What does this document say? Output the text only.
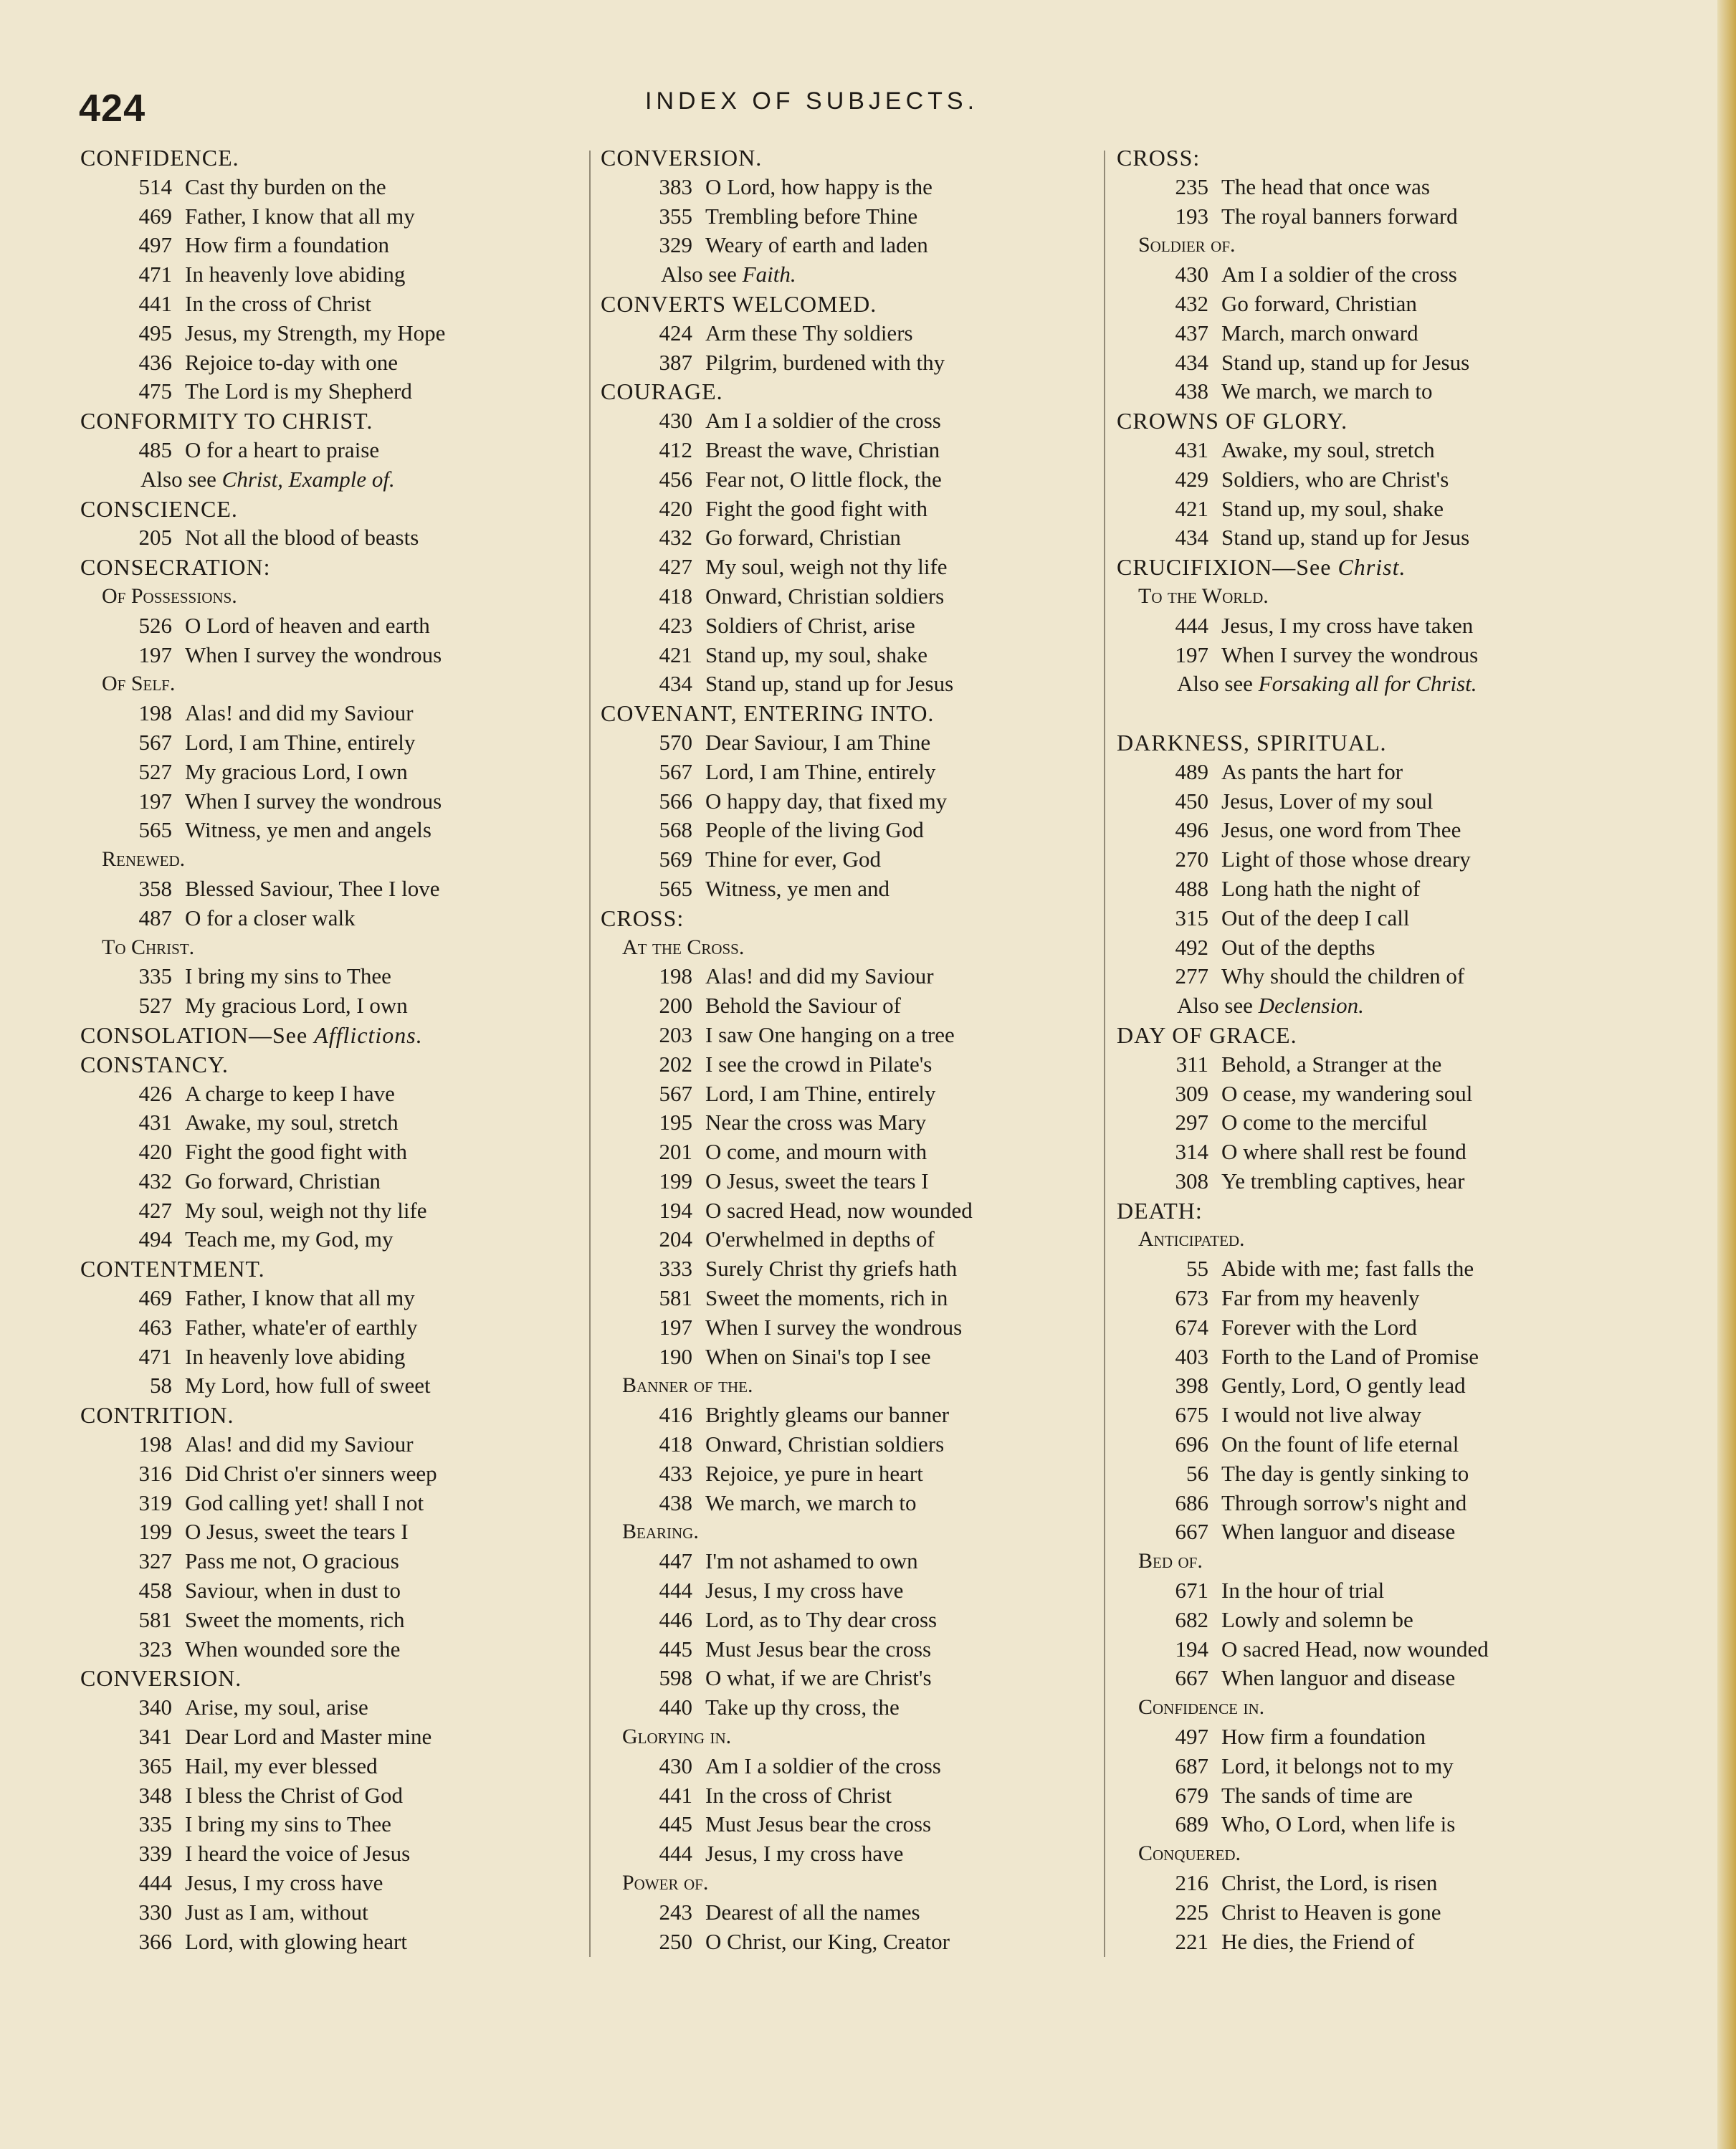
424	INDEX OF SUBJECTS.
CONFIDENCE.
514 Cast thy burden on the
469 Father, I know that all my
497 How firm a foundation
471 In heavenly love abiding
441 In the cross of Christ
495 Jesus, my Strength, my Hope
436 Rejoice to-day with one
475 The Lord is my Shepherd
CONFORMITY TO CHRIST.
485 O for a heart to praise
Also see Christ, Example of.
CONSCIENCE.
205 Not all the blood of beasts
CONSECRATION:
Of Possessions.
526 O Lord of heaven and earth
197 When I survey the wondrous
Of Self.
198 Alas! and did my Saviour
567 Lord, I am Thine, entirely
527 My gracious Lord, I own
197 When I survey the wondrous
565 Witness, ye men and angels
Renewed.
358 Blessed Saviour, Thee I love
487 O for a closer walk
To Christ.
335 I bring my sins to Thee
527 My gracious Lord, I own
CONSOLATION—See Afflictions.
CONSTANCY.
426 A charge to keep I have
431 Awake, my soul, stretch
420 Fight the good fight with
432 Go forward, Christian
427 My soul, weigh not thy life
494 Teach me, my God, my
CONTENTMENT.
469 Father, I know that all my
463 Father, whate'er of earthly
471 In heavenly love abiding
58 My Lord, how full of sweet
CONTRITION.
198 Alas! and did my Saviour
316 Did Christ o'er sinners weep
319 God calling yet! shall I not
199 O Jesus, sweet the tears I
327 Pass me not, O gracious
458 Saviour, when in dust to
581 Sweet the moments, rich
323 When wounded sore the
CONVERSION.
340 Arise, my soul, arise
341 Dear Lord and Master mine
365 Hail, my ever blessed
348 I bless the Christ of God
335 I bring my sins to Thee
339 I heard the voice of Jesus
444 Jesus, I my cross have
330 Just as I am, without
366 Lord, with glowing heart
CONVERSION.
383 O Lord, how happy is the
355 Trembling before Thine
329 Weary of earth and laden
Also see Faith.
CONVERTS WELCOMED.
424 Arm these Thy soldiers
387 Pilgrim, burdened with thy
COURAGE.
430 Am I a soldier of the cross
412 Breast the wave, Christian
456 Fear not, O little flock, the
420 Fight the good fight with
432 Go forward, Christian
427 My soul, weigh not thy life
418 Onward, Christian soldiers
423 Soldiers of Christ, arise
421 Stand up, my soul, shake
434 Stand up, stand up for Jesus
COVENANT, ENTERING INTO.
570 Dear Saviour, I am Thine
567 Lord, I am Thine, entirely
566 O happy day, that fixed my
568 People of the living God
569 Thine for ever, God
565 Witness, ye men and
CROSS:
At the Cross.
198 Alas! and did my Saviour
200 Behold the Saviour of
203 I saw One hanging on a tree
202 I see the crowd in Pilate's
567 Lord, I am Thine, entirely
195 Near the cross was Mary
201 O come, and mourn with
199 O Jesus, sweet the tears I
194 O sacred Head, now wounded
204 O'erwhelmed in depths of
333 Surely Christ thy griefs hath
581 Sweet the moments, rich in
197 When I survey the wondrous
190 When on Sinai's top I see
Banner of the.
416 Brightly gleams our banner
418 Onward, Christian soldiers
433 Rejoice, ye pure in heart
438 We march, we march to
Bearing.
447 I'm not ashamed to own
444 Jesus, I my cross have
446 Lord, as to Thy dear cross
445 Must Jesus bear the cross
598 O what, if we are Christ's
440 Take up thy cross, the
Glorying in.
430 Am I a soldier of the cross
441 In the cross of Christ
445 Must Jesus bear the cross
444 Jesus, I my cross have
Power of.
243 Dearest of all the names
250 O Christ, our King, Creator
CROSS:
235 The head that once was
193 The royal banners forward
Soldier of.
430 Am I a soldier of the cross
432 Go forward, Christian
437 March, march onward
434 Stand up, stand up for Jesus
438 We march, we march to
CROWNS OF GLORY.
431 Awake, my soul, stretch
429 Soldiers, who are Christ's
421 Stand up, my soul, shake
434 Stand up, stand up for Jesus
CRUCIFIXION—See Christ.
To the World.
444 Jesus, I my cross have taken
197 When I survey the wondrous
Also see Forsaking all for Christ.
DARKNESS, SPIRITUAL.
489 As pants the hart for
450 Jesus, Lover of my soul
496 Jesus, one word from Thee
270 Light of those whose dreary
488 Long hath the night of
315 Out of the deep I call
492 Out of the depths
277 Why should the children of
Also see Declension.
DAY OF GRACE.
311 Behold, a Stranger at the
309 O cease, my wandering soul
297 O come to the merciful
314 O where shall rest be found
308 Ye trembling captives, hear
DEATH:
Anticipated.
55 Abide with me; fast falls the
673 Far from my heavenly
674 Forever with the Lord
403 Forth to the Land of Promise
398 Gently, Lord, O gently lead
675 I would not live alway
696 On the fount of life eternal
56 The day is gently sinking to
686 Through sorrow's night and
667 When languor and disease
Bed of.
671 In the hour of trial
682 Lowly and solemn be
194 O sacred Head, now wounded
667 When languor and disease
Confidence in.
497 How firm a foundation
687 Lord, it belongs not to my
679 The sands of time are
689 Who, O Lord, when life is
Conquered.
216 Christ, the Lord, is risen
225 Christ to Heaven is gone
221 He dies, the Friend of
